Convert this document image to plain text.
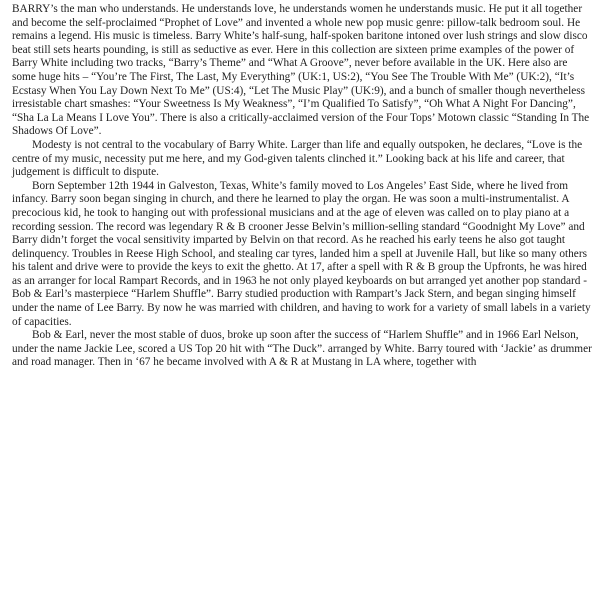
BARRY’s the man who understands. He understands love, he understands women he understands music. He put it all together and become the self-proclaimed “Prophet of Love” and invented a whole new pop music genre: pillow-talk bedroom soul. He remains a legend. His music is timeless. Barry White’s half-sung, half-spoken baritone intoned over lush strings and slow disco beat still sets hearts pounding, is still as seductive as ever. Here in this collection are sixteen prime examples of the power of Barry White including two tracks, “Barry’s Theme” and “What A Groove”, never before available in the UK. Here also are some huge hits – “You’re The First, The Last, My Everything” (UK:1, US:2), “You See The Trouble With Me” (UK:2), “It’s Ecstasy When You Lay Down Next To Me” (US:4), “Let The Music Play” (UK:9), and a bunch of smaller though nevertheless irresistable chart smashes: “Your Sweetness Is My Weakness”, “I’m Qualified To Satisfy”, “Oh What A Night For Dancing”, “Sha La La Means I Love You”. There is also a critically-acclaimed version of the Four Tops’ Motown classic “Standing In The Shadows Of Love”.

Modesty is not central to the vocabulary of Barry White. Larger than life and equally outspoken, he declares, “Love is the centre of my music, necessity put me here, and my God-given talents clinched it.” Looking back at his life and career, that judgement is difficult to dispute.

Born September 12th 1944 in Galveston, Texas, White’s family moved to Los Angeles’ East Side, where he lived from infancy. Barry soon began singing in church, and there he learned to play the organ. He was soon a multi-instrumentalist. A precocious kid, he took to hanging out with professional musicians and at the age of eleven was called on to play piano at a recording session. The record was legendary R & B crooner Jesse Belvin’s million-selling standard “Goodnight My Love” and Barry didn’t forget the vocal sensitivity imparted by Belvin on that record. As he reached his early teens he also got taught delinquency. Troubles in Reese High School, and stealing car tyres, landed him a spell at Juvenile Hall, but like so many others his talent and drive were to provide the keys to exit the ghetto. At 17, after a spell with R & B group the Upfronts, he was hired as an arranger for local Rampart Records, and in 1963 he not only played keyboards on but arranged yet another pop standard - Bob & Earl’s masterpiece “Harlem Shuffle”. Barry studied production with Rampart’s Jack Stern, and began singing himself under the name of Lee Barry. By now he was married with children, and having to work for a variety of small labels in a variety of capacities.

Bob & Earl, never the most stable of duos, broke up soon after the success of “Harlem Shuffle” and in 1966 Earl Nelson, under the name Jackie Lee, scored a US Top 20 hit with “The Duck”. arranged by White. Barry toured with ‘Jackie’ as drummer and road manager. Then in ‘67 he became involved with A & R at Mustang in LA where, together with
